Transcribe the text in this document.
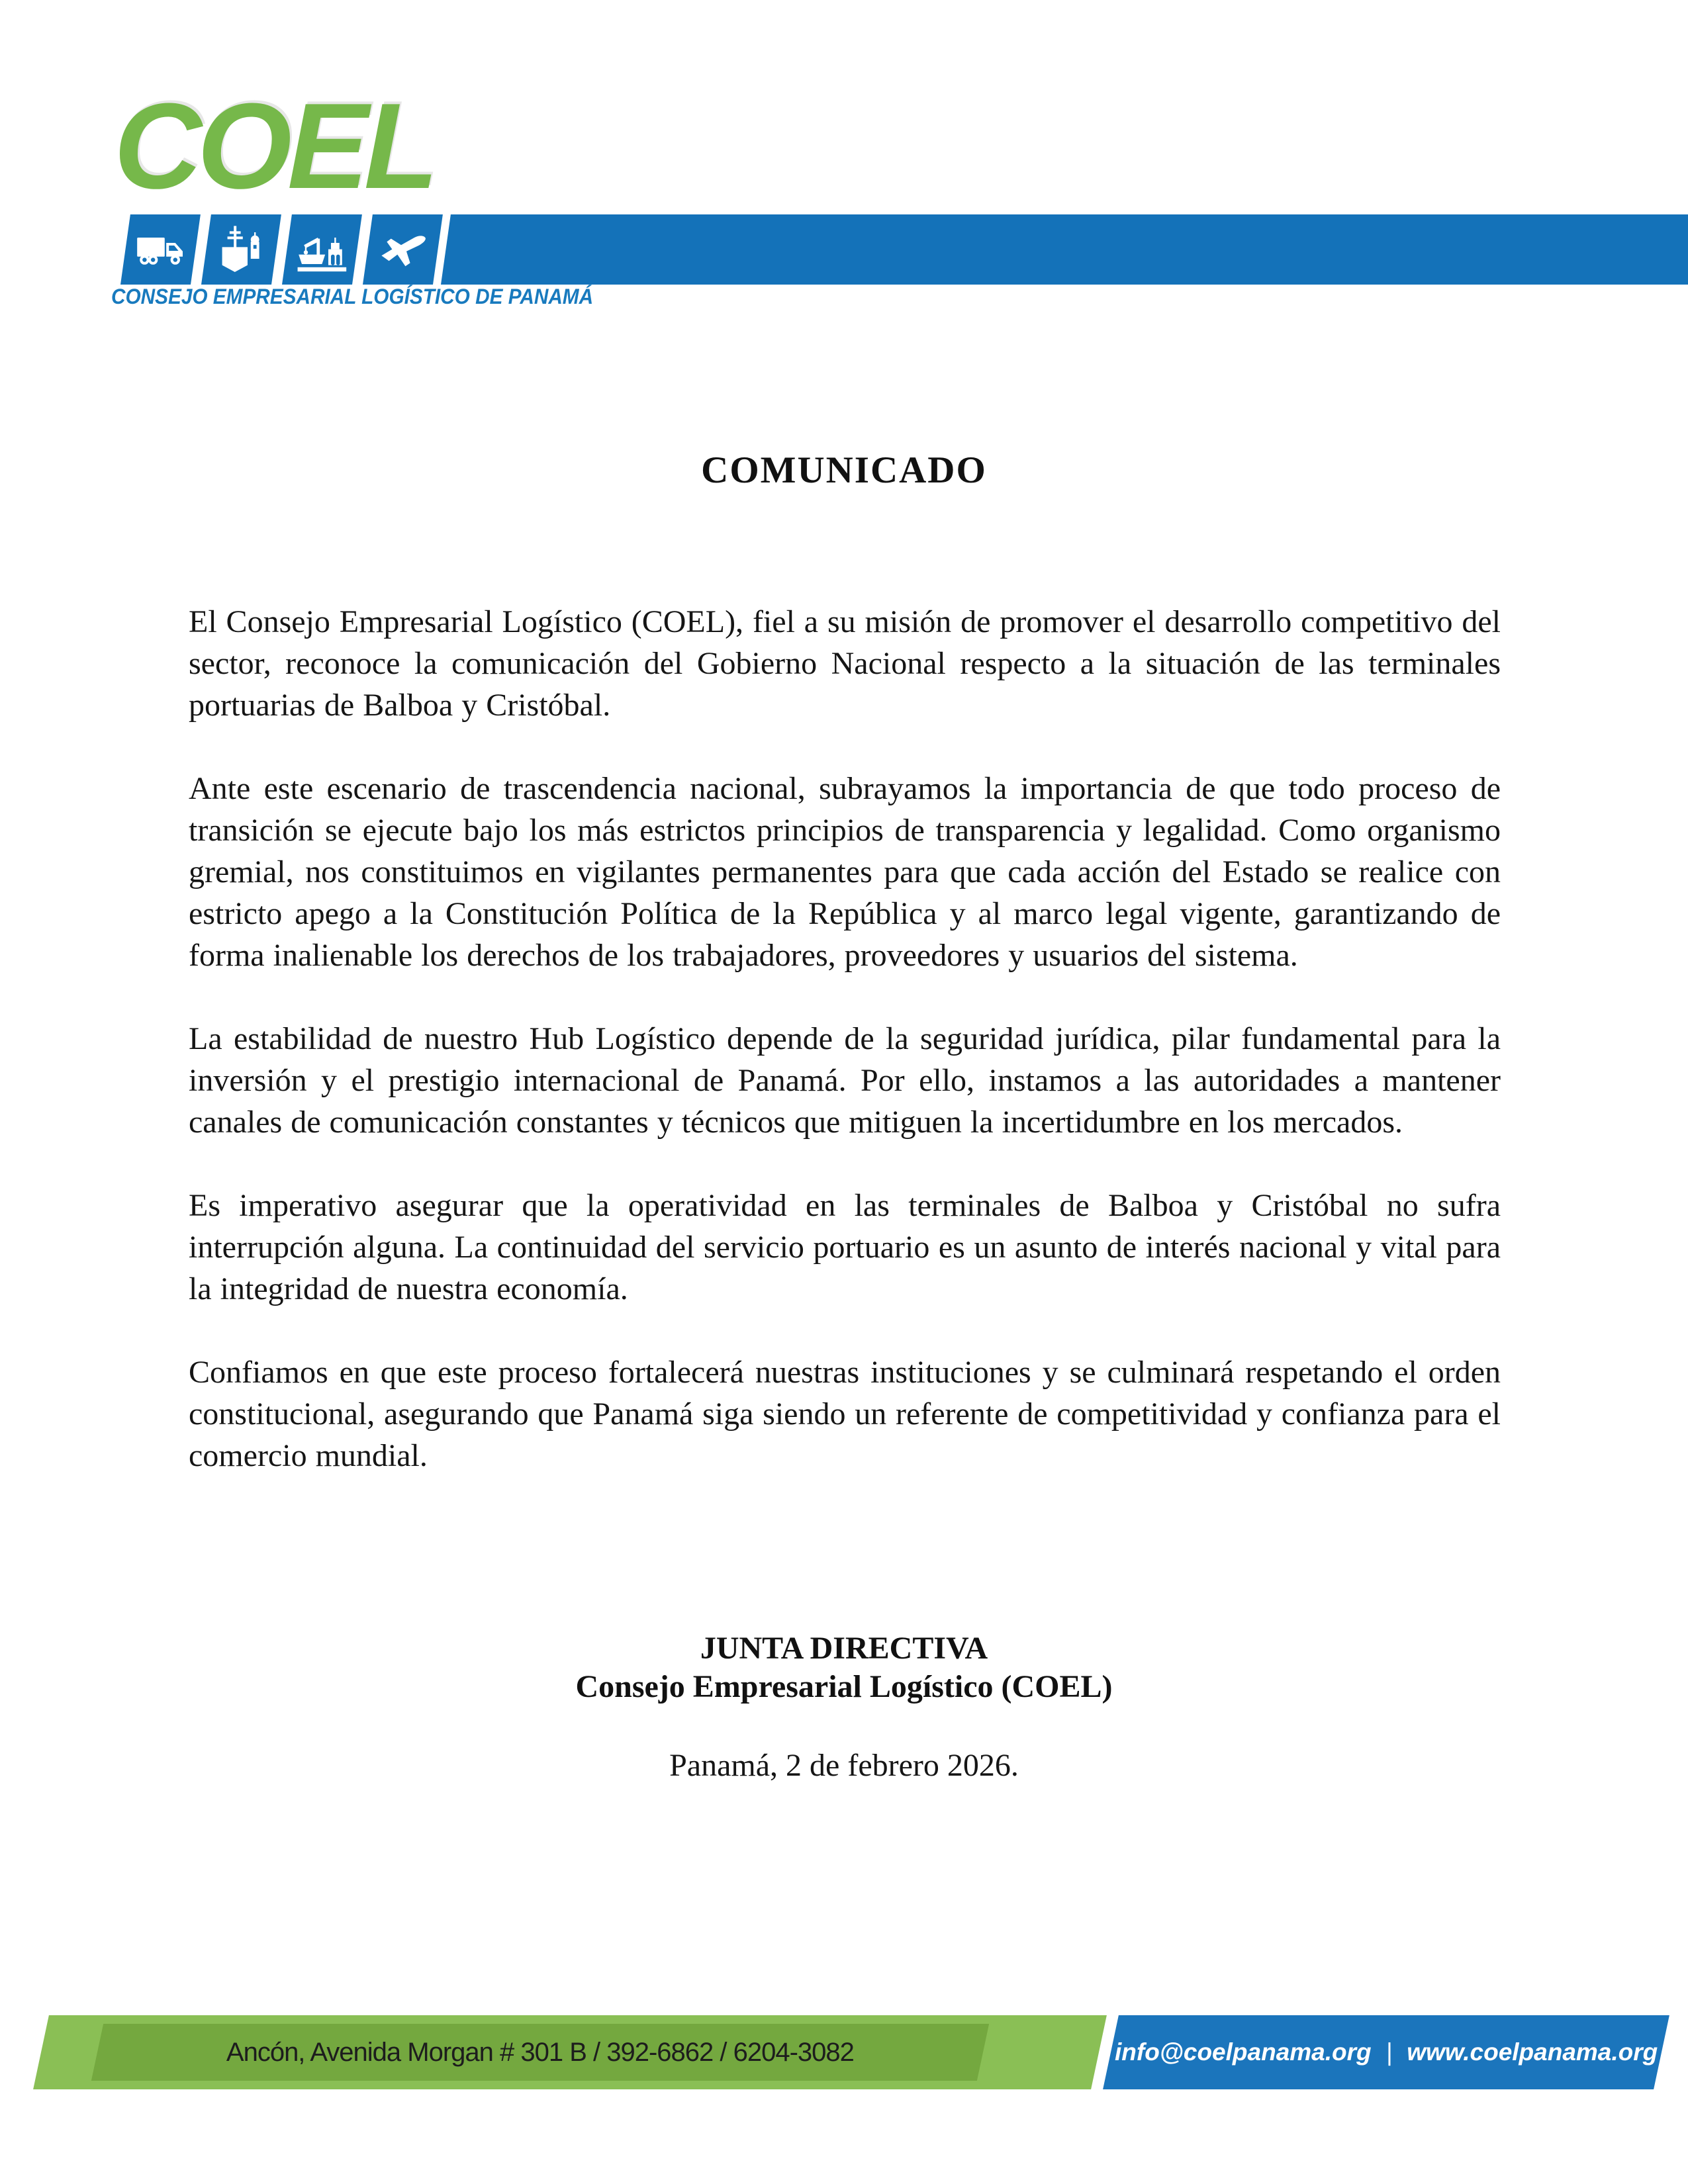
COEL
CONSEJO EMPRESARIAL LOGÍSTICO DE PANAMÁ
COMUNICADO

El Consejo Empresarial Logístico (COEL), fiel a su misión de promover el desarrollo competitivo del sector, reconoce la comunicación del Gobierno Nacional respecto a la situación de las terminales portuarias de Balboa y Cristóbal.

Ante este escenario de trascendencia nacional, subrayamos la importancia de que todo proceso de transición se ejecute bajo los más estrictos principios de transparencia y legalidad. Como organismo gremial, nos constituimos en vigilantes permanentes para que cada acción del Estado se realice con estricto apego a la Constitución Política de la República y al marco legal vigente, garantizando de forma inalienable los derechos de los trabajadores, proveedores y usuarios del sistema.

La estabilidad de nuestro Hub Logístico depende de la seguridad jurídica, pilar fundamental para la inversión y el prestigio internacional de Panamá. Por ello, instamos a las autoridades a mantener canales de comunicación constantes y técnicos que mitiguen la incertidumbre en los mercados.

Es imperativo asegurar que la operatividad en las terminales de Balboa y Cristóbal no sufra interrupción alguna. La continuidad del servicio portuario es un asunto de interés nacional y vital para la integridad de nuestra economía.

Confiamos en que este proceso fortalecerá nuestras instituciones y se culminará respetando el orden constitucional, asegurando que Panamá siga siendo un referente de competitividad y confianza para el comercio mundial.

JUNTA DIRECTIVA
Consejo Empresarial Logístico (COEL)
Panamá, 2 de febrero 2026.
Ancón, Avenida Morgan # 301 B / 392-6862 / 6204-3082	info@coelpanama.org | www.coelpanama.org
